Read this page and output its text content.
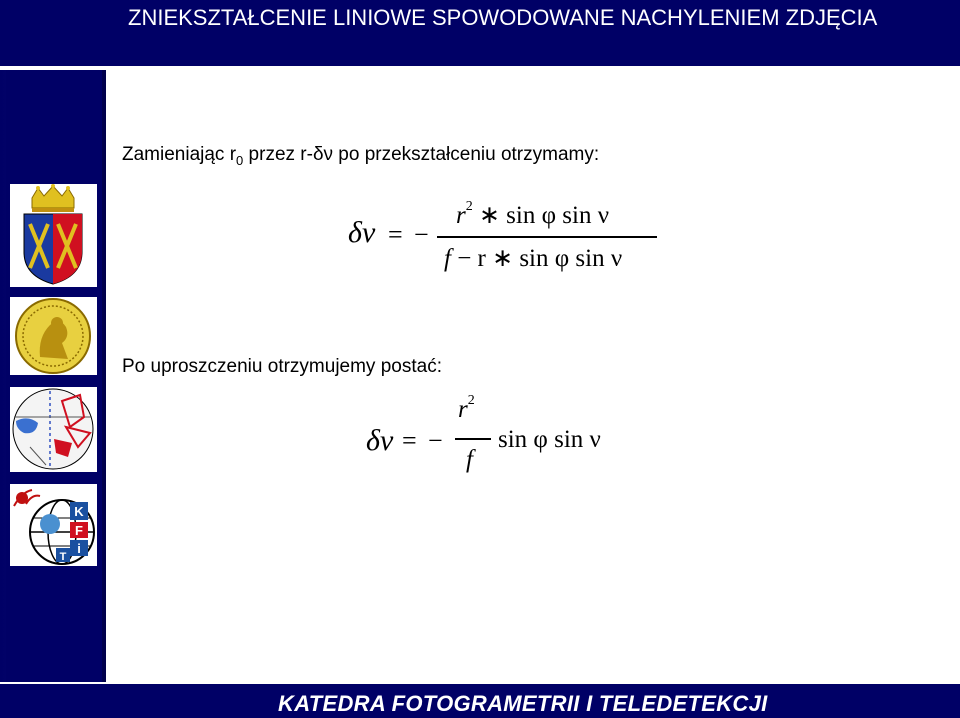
ZNIEKSZTAŁCENIE LINIOWE SPOWODOWANE NACHYLENIEM ZDJĘCIA
K
F
i
T
Zamieniając $r_0$ przez r-δν po przekształceniu otrzymamy:
δν = −
$r^2$ ∗ sin φ sin ν
f − r ∗ sin φ sin ν
Po uproszczeniu otrzymujemy postać:
δν = −
$r^2$
f
sin φ sin ν
KATEDRA FOTOGRAMETRII I TELEDETEKCJI
